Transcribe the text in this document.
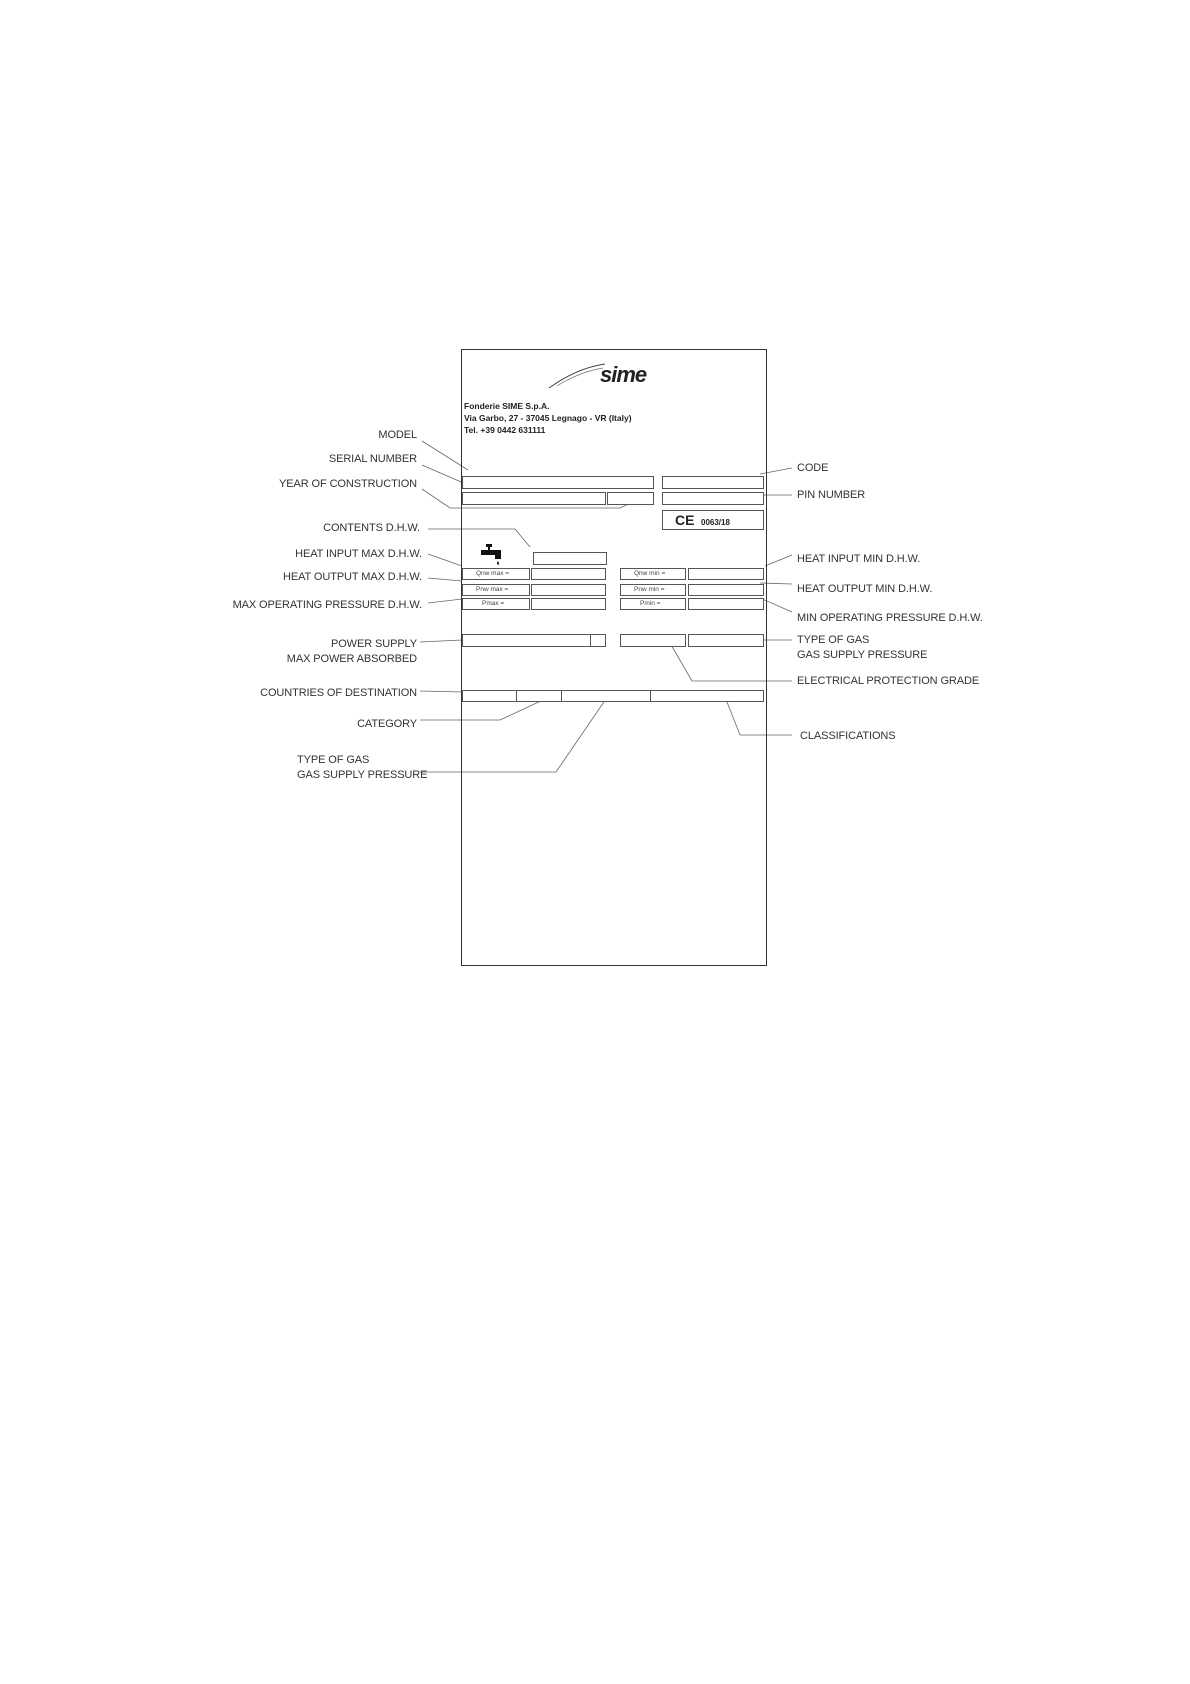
sime
Fonderie SIME S.p.A.
Via Garbo, 27 - 37045 Legnago - VR (Italy)
Tel. +39 0442 631111
CE 0063/18
Qnw max =
Pnw max =
Pmax =
Qnw min =
Pnw min =
Pmin =
MODEL
SERIAL NUMBER
YEAR OF CONSTRUCTION
CONTENTS D.H.W.
HEAT INPUT MAX D.H.W.
HEAT OUTPUT MAX D.H.W.
MAX OPERATING PRESSURE D.H.W.
POWER SUPPLY
MAX POWER ABSORBED
COUNTRIES OF DESTINATION
CATEGORY
TYPE OF GAS
GAS SUPPLY PRESSURE
CODE
PIN NUMBER
HEAT INPUT MIN D.H.W.
HEAT OUTPUT MIN D.H.W.
MIN OPERATING PRESSURE D.H.W.
TYPE OF GAS
GAS SUPPLY PRESSURE
ELECTRICAL PROTECTION GRADE
CLASSIFICATIONS
